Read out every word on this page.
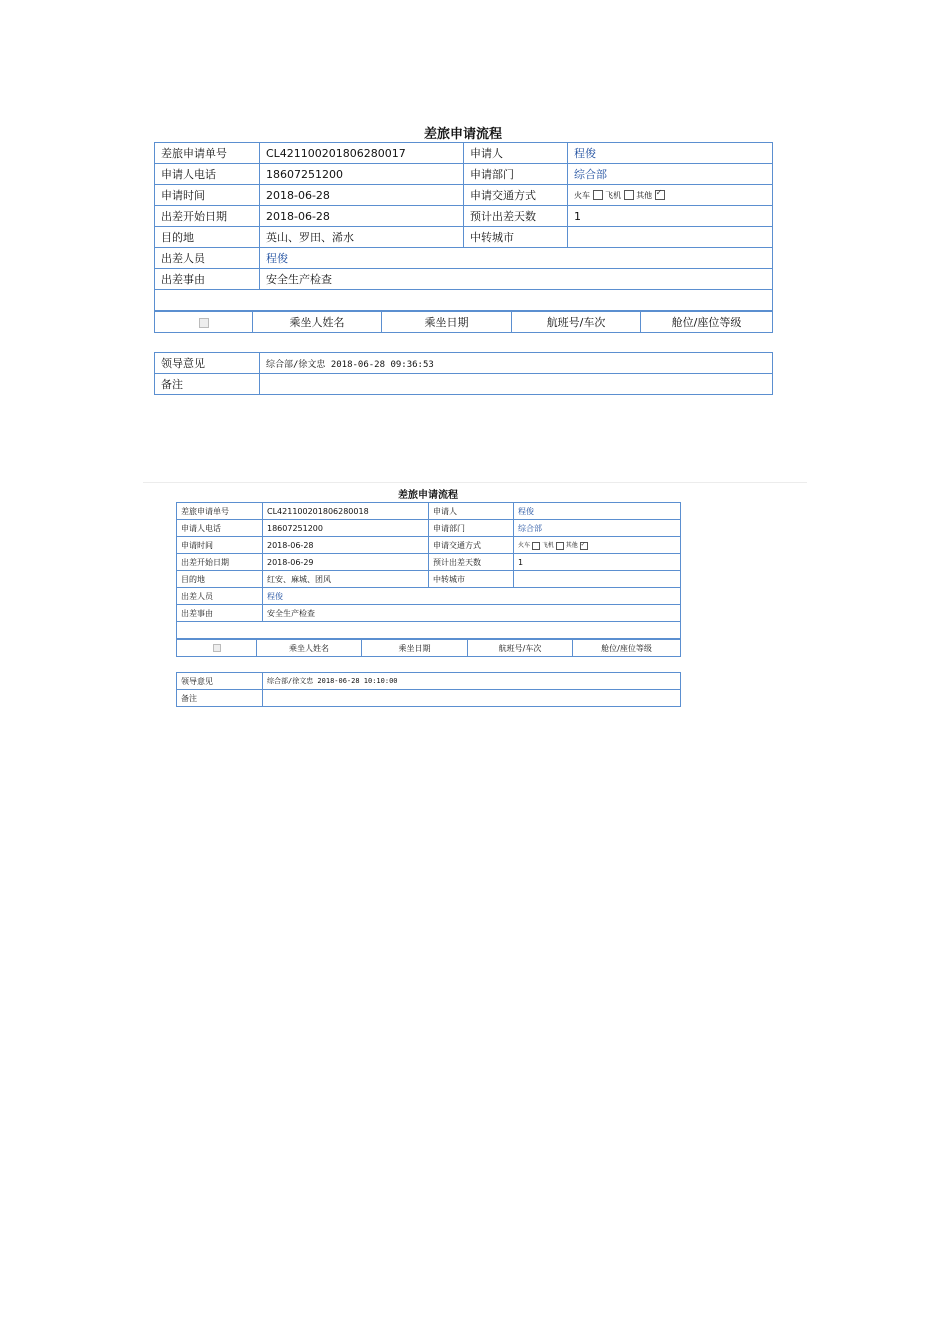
差旅申请流程
差旅申请单号	CL421100201806280017	申请人	程俊
申请人电话	18607251200	申请部门	综合部
申请时间	2018-06-28	申请交通方式	火车 飞机 其他 ✓
出差开始日期	2018-06-28	预计出差天数	1
目的地	英山、罗田、浠水	中转城市	
出差人员	程俊		
出差事由	安全生产检查		

	乘坐人姓名	乘坐日期	航班号/车次	舱位/座位等级
领导意见	综合部/徐文忠 2018-06-28 09:36:53
备注	
差旅申请流程
差旅申请单号	CL421100201806280018	申请人	程俊
申请人电话	18607251200	申请部门	综合部
申请时间	2018-06-28	申请交通方式	火车 飞机 其他 ✓
出差开始日期	2018-06-29	预计出差天数	1
目的地	红安、麻城、团风	中转城市	
出差人员	程俊		
出差事由	安全生产检查		

	乘坐人姓名	乘坐日期	航班号/车次	舱位/座位等级
领导意见	综合部/徐文忠 2018-06-28 10:10:00
备注	
